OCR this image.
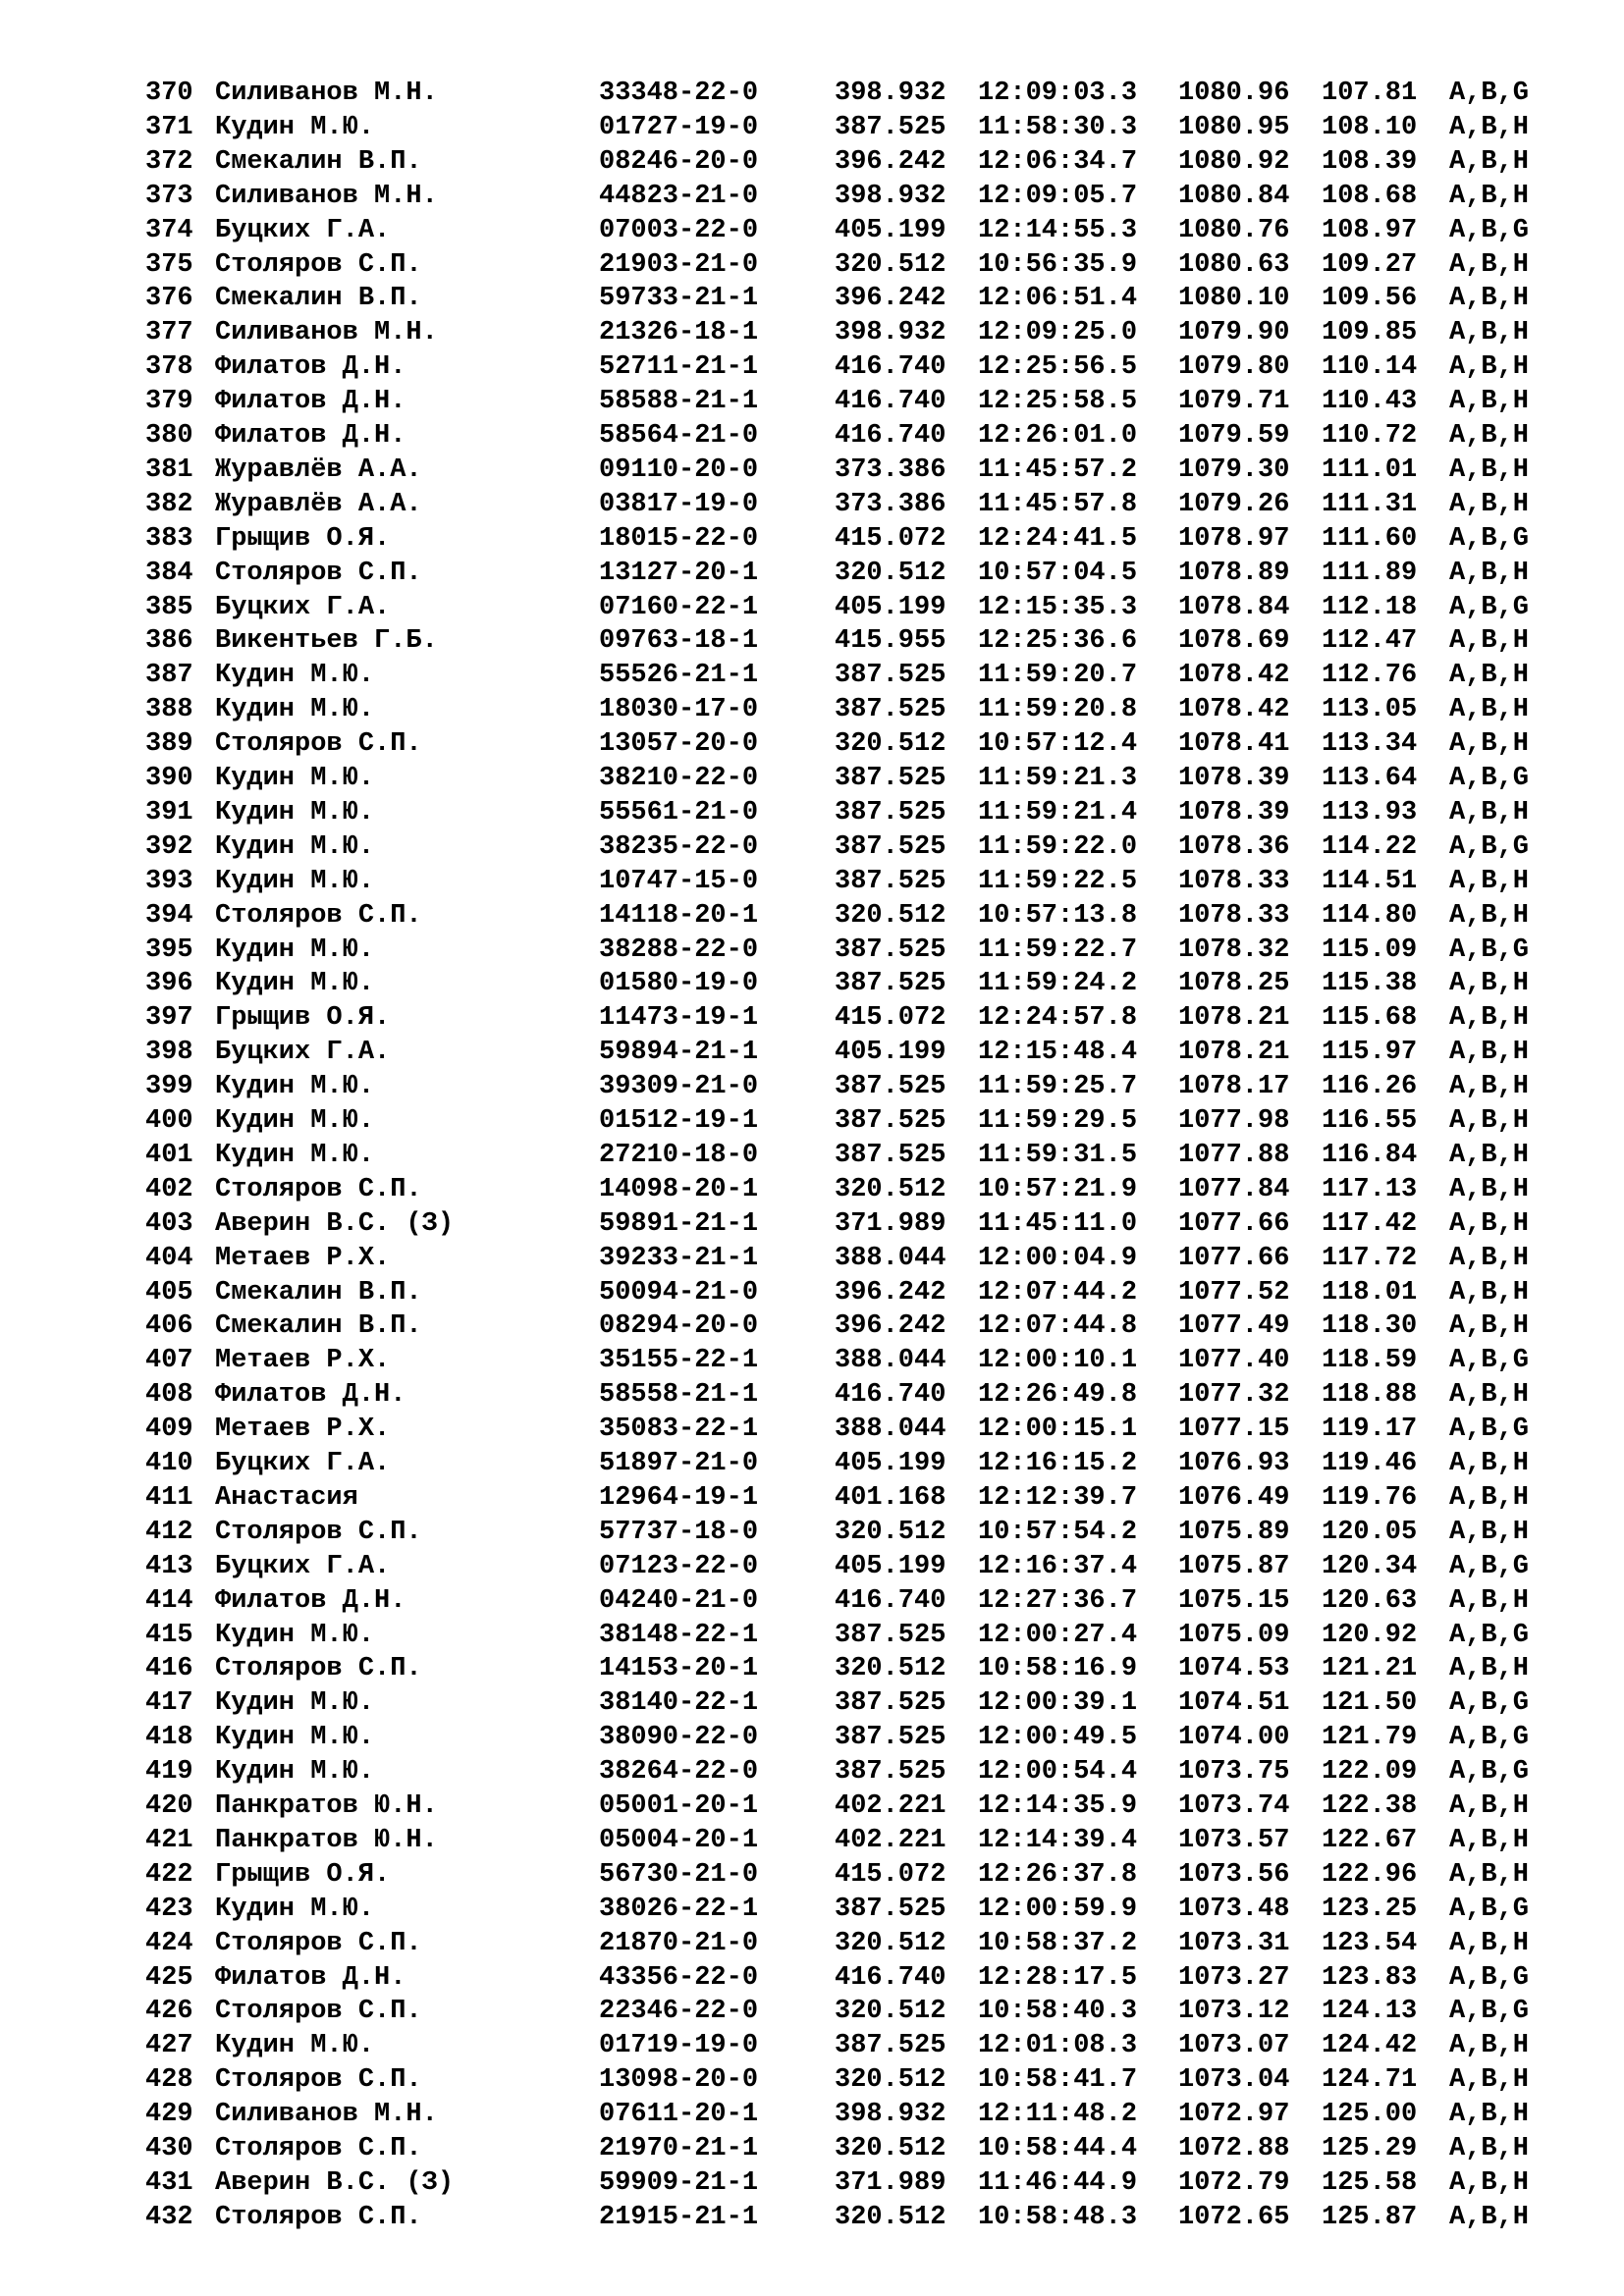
370 Силиванов М.Н.	33348-22-0	398.932 12:09:03.3 1080.96 107.81 A,B,G
371 Кудин М.Ю.	01727-19-0	387.525 11:58:30.3 1080.95 108.10 A,B,H
372 Смекалин В.П.	08246-20-0	396.242 12:06:34.7 1080.92 108.39 A,B,H
373 Силиванов М.Н.	44823-21-0	398.932 12:09:05.7 1080.84 108.68 A,B,H
374 Буцких Г.А.	07003-22-0	405.199 12:14:55.3 1080.76 108.97 A,B,G
375 Столяров С.П.	21903-21-0	320.512 10:56:35.9 1080.63 109.27 A,B,H
376 Смекалин В.П.	59733-21-1	396.242 12:06:51.4 1080.10 109.56 A,B,H
377 Силиванов М.Н.	21326-18-1	398.932 12:09:25.0 1079.90 109.85 A,B,H
378 Филатов Д.Н.	52711-21-1	416.740 12:25:56.5 1079.80 110.14 A,B,H
379 Филатов Д.Н.	58588-21-1	416.740 12:25:58.5 1079.71 110.43 A,B,H
380 Филатов Д.Н.	58564-21-0	416.740 12:26:01.0 1079.59 110.72 A,B,H
381 Журавлёв А.А.	09110-20-0	373.386 11:45:57.2 1079.30 111.01 A,B,H
382 Журавлёв А.А.	03817-19-0	373.386 11:45:57.8 1079.26 111.31 A,B,H
383 Грыщив О.Я.	18015-22-0	415.072 12:24:41.5 1078.97 111.60 A,B,G
384 Столяров С.П.	13127-20-1	320.512 10:57:04.5 1078.89 111.89 A,B,H
385 Буцких Г.А.	07160-22-1	405.199 12:15:35.3 1078.84 112.18 A,B,G
386 Викентьев Г.Б.	09763-18-1	415.955 12:25:36.6 1078.69 112.47 A,B,H
387 Кудин М.Ю.	55526-21-1	387.525 11:59:20.7 1078.42 112.76 A,B,H
388 Кудин М.Ю.	18030-17-0	387.525 11:59:20.8 1078.42 113.05 A,B,H
389 Столяров С.П.	13057-20-0	320.512 10:57:12.4 1078.41 113.34 A,B,H
390 Кудин М.Ю.	38210-22-0	387.525 11:59:21.3 1078.39 113.64 A,B,G
391 Кудин М.Ю.	55561-21-0	387.525 11:59:21.4 1078.39 113.93 A,B,H
392 Кудин М.Ю.	38235-22-0	387.525 11:59:22.0 1078.36 114.22 A,B,G
393 Кудин М.Ю.	10747-15-0	387.525 11:59:22.5 1078.33 114.51 A,B,H
394 Столяров С.П.	14118-20-1	320.512 10:57:13.8 1078.33 114.80 A,B,H
395 Кудин М.Ю.	38288-22-0	387.525 11:59:22.7 1078.32 115.09 A,B,G
396 Кудин М.Ю.	01580-19-0	387.525 11:59:24.2 1078.25 115.38 A,B,H
397 Грыщив О.Я.	11473-19-1	415.072 12:24:57.8 1078.21 115.68 A,B,H
398 Буцких Г.А.	59894-21-1	405.199 12:15:48.4 1078.21 115.97 A,B,H
399 Кудин М.Ю.	39309-21-0	387.525 11:59:25.7 1078.17 116.26 A,B,H
400 Кудин М.Ю.	01512-19-1	387.525 11:59:29.5 1077.98 116.55 A,B,H
401 Кудин М.Ю.	27210-18-0	387.525 11:59:31.5 1077.88 116.84 A,B,H
402 Столяров С.П.	14098-20-1	320.512 10:57:21.9 1077.84 117.13 A,B,H
403 Аверин В.С. (З)	59891-21-1	371.989 11:45:11.0 1077.66 117.42 A,B,H
404 Метаев Р.Х.	39233-21-1	388.044 12:00:04.9 1077.66 117.72 A,B,H
405 Смекалин В.П.	50094-21-0	396.242 12:07:44.2 1077.52 118.01 A,B,H
406 Смекалин В.П.	08294-20-0	396.242 12:07:44.8 1077.49 118.30 A,B,H
407 Метаев Р.Х.	35155-22-1	388.044 12:00:10.1 1077.40 118.59 A,B,G
408 Филатов Д.Н.	58558-21-1	416.740 12:26:49.8 1077.32 118.88 A,B,H
409 Метаев Р.Х.	35083-22-1	388.044 12:00:15.1 1077.15 119.17 A,B,G
410 Буцких Г.А.	51897-21-0	405.199 12:16:15.2 1076.93 119.46 A,B,H
411 Анастасия	12964-19-1	401.168 12:12:39.7 1076.49 119.76 A,B,H
412 Столяров С.П.	57737-18-0	320.512 10:57:54.2 1075.89 120.05 A,B,H
413 Буцких Г.А.	07123-22-0	405.199 12:16:37.4 1075.87 120.34 A,B,G
414 Филатов Д.Н.	04240-21-0	416.740 12:27:36.7 1075.15 120.63 A,B,H
415 Кудин М.Ю.	38148-22-1	387.525 12:00:27.4 1075.09 120.92 A,B,G
416 Столяров С.П.	14153-20-1	320.512 10:58:16.9 1074.53 121.21 A,B,H
417 Кудин М.Ю.	38140-22-1	387.525 12:00:39.1 1074.51 121.50 A,B,G
418 Кудин М.Ю.	38090-22-0	387.525 12:00:49.5 1074.00 121.79 A,B,G
419 Кудин М.Ю.	38264-22-0	387.525 12:00:54.4 1073.75 122.09 A,B,G
420 Панкратов Ю.Н.	05001-20-1	402.221 12:14:35.9 1073.74 122.38 A,B,H
421 Панкратов Ю.Н.	05004-20-1	402.221 12:14:39.4 1073.57 122.67 A,B,H
422 Грыщив О.Я.	56730-21-0	415.072 12:26:37.8 1073.56 122.96 A,B,H
423 Кудин М.Ю.	38026-22-1	387.525 12:00:59.9 1073.48 123.25 A,B,G
424 Столяров С.П.	21870-21-0	320.512 10:58:37.2 1073.31 123.54 A,B,H
425 Филатов Д.Н.	43356-22-0	416.740 12:28:17.5 1073.27 123.83 A,B,G
426 Столяров С.П.	22346-22-0	320.512 10:58:40.3 1073.12 124.13 A,B,G
427 Кудин М.Ю.	01719-19-0	387.525 12:01:08.3 1073.07 124.42 A,B,H
428 Столяров С.П.	13098-20-0	320.512 10:58:41.7 1073.04 124.71 A,B,H
429 Силиванов М.Н.	07611-20-1	398.932 12:11:48.2 1072.97 125.00 A,B,H
430 Столяров С.П.	21970-21-1	320.512 10:58:44.4 1072.88 125.29 A,B,H
431 Аверин В.С. (З)	59909-21-1	371.989 11:46:44.9 1072.79 125.58 A,B,H
432 Столяров С.П.	21915-21-1	320.512 10:58:48.3 1072.65 125.87 A,B,H
